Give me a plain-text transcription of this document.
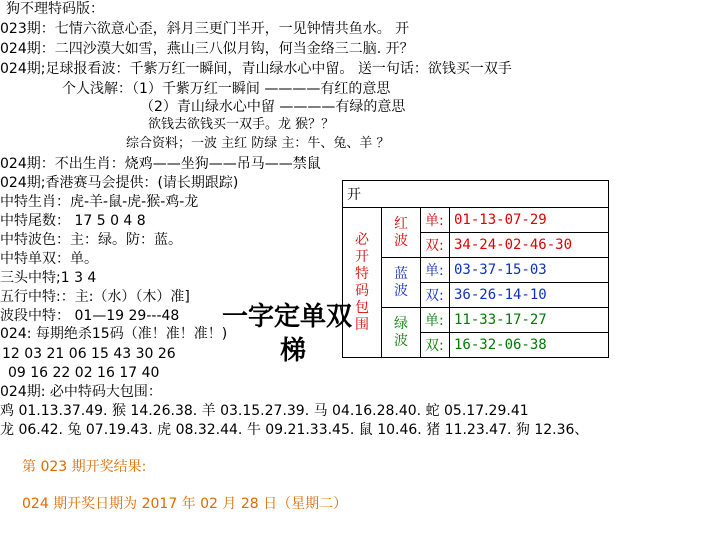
狗不理特码版：
023期：七情六欲意心歪，斜月三更门半开，一见钟情共鱼水。 开
024期：二四沙漠大如雪，燕山三八似月钩，何当金络三二脑. 开？
024期;足球报看波：千紫万红一瞬间，青山绿水心中留。 送一句话：欲钱买一双手
个人浅解：（1）千紫万红一瞬间 ————有红的意思
（2）青山绿水心中留 ————有绿的意思
欲钱去欲钱买一双手。龙 猴？？
综合资料；一波 主红 防绿 主：牛、兔、羊 ？
024期：不出生肖：烧鸡——坐狗——吊马——禁鼠
024期;香港赛马会提供：(请长期跟踪)
中特生肖：虎-羊-鼠-虎-猴-鸡-龙
中特尾数： 17 5 0 4 8
中特波色：主：绿。防：蓝。
中特单双：单。
三头中特;1 3 4
五行中特:：主:（水）（木）准]
波段中特： 01—19 29---48
024: 每期绝杀15码（准！准！准！)
12 03 21 06 15 43 30 26
09 16 22 02 16 17 40
024期: 必中特码大包围：
鸡 01.13.37.49. 猴 14.26.38. 羊 03.15.27.39. 马 04.16.28.40. 蛇 05.17.29.41
龙 06.42. 兔 07.19.43. 虎 08.32.44. 牛 09.21.33.45. 鼠 10.46. 猪 11.23.47. 狗 12.36、
一字定单双
梯
开			

必开特码包围	红波	单:	01-13-07-29
		双:	34-24-02-46-30

	蓝波	单:	03-37-15-03
		双:	36-26-14-10

	绿波	单:	11-33-17-27
		双:	16-32-06-38
第 023 期开奖结果:
024 期开奖日期为 2017 年 02 月 28 日（星期二）
